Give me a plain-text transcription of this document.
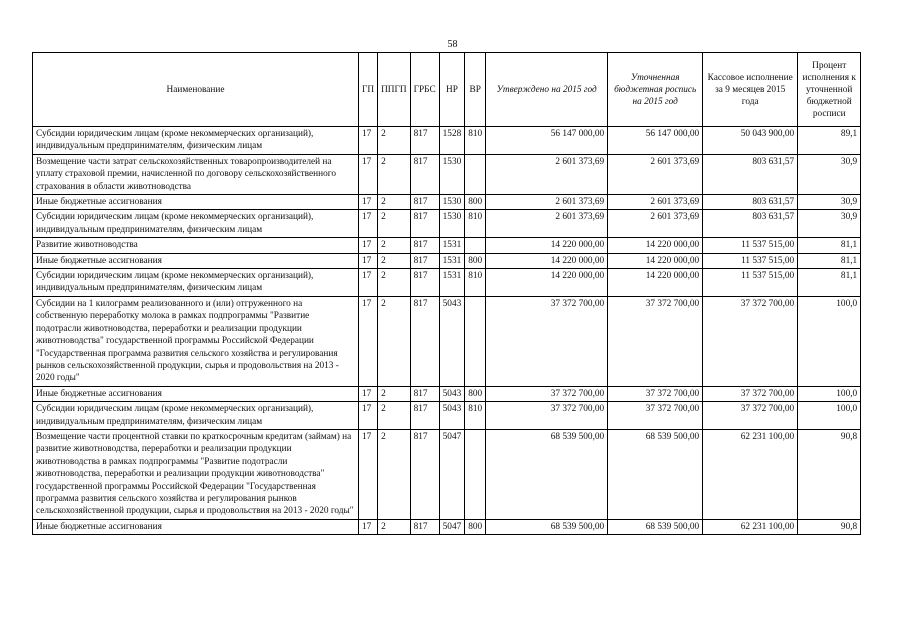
58
Наименование	ГП	ППГП	ГРБС	НР	ВР	Утверждено на 2015 год	Уточненная бюджетная роспись на 2015 год	Кассовое исполнение за 9 месяцев 2015 года	Процент исполнения к уточненной бюджетной росписи
Субсидии юридическим лицам (кроме некоммерческих организаций), индивидуальным предпринимателям, физическим лицам	17	2	817	1528	810	56 147 000,00	56 147 000,00	50 043 900,00	89,1
Возмещение части затрат сельскохозяйственных товаропроизводителей на уплату страховой премии, начисленной по договору сельскохозяйственного страхования в области животноводства	17	2	817	1530		2 601 373,69	2 601 373,69	803 631,57	30,9
Иные бюджетные ассигнования	17	2	817	1530	800	2 601 373,69	2 601 373,69	803 631,57	30,9
Субсидии юридическим лицам (кроме некоммерческих организаций), индивидуальным предпринимателям, физическим лицам	17	2	817	1530	810	2 601 373,69	2 601 373,69	803 631,57	30,9
Развитие животноводства	17	2	817	1531		14 220 000,00	14 220 000,00	11 537 515,00	81,1
Иные бюджетные ассигнования	17	2	817	1531	800	14 220 000,00	14 220 000,00	11 537 515,00	81,1
Субсидии юридическим лицам (кроме некоммерческих организаций), индивидуальным предпринимателям, физическим лицам	17	2	817	1531	810	14 220 000,00	14 220 000,00	11 537 515,00	81,1
Субсидии на 1 килограмм реализованного и (или) отгруженного на собственную переработку молока в рамках подпрограммы "Развитие подотрасли животноводства, переработки и реализации продукции животноводства" государственной программы Российской Федерации "Государственная программа развития сельского хозяйства и регулирования рынков сельскохозяйственной продукции, сырья и продовольствия на 2013 - 2020 годы"	17	2	817	5043		37 372 700,00	37 372 700,00	37 372 700,00	100,0
Иные бюджетные ассигнования	17	2	817	5043	800	37 372 700,00	37 372 700,00	37 372 700,00	100,0
Субсидии юридическим лицам (кроме некоммерческих организаций), индивидуальным предпринимателям, физическим лицам	17	2	817	5043	810	37 372 700,00	37 372 700,00	37 372 700,00	100,0
Возмещение части процентной ставки по краткосрочным кредитам (займам) на развитие животноводства, переработки и реализации продукции животноводства в рамках подпрограммы "Развитие подотрасли животноводства, переработки и реализации продукции животноводства" государственной программы Российской Федерации "Государственная программа развития сельского хозяйства и регулирования рынков сельскохозяйственной продукции, сырья и продовольствия на 2013 - 2020 годы"	17	2	817	5047		68 539 500,00	68 539 500,00	62 231 100,00	90,8
Иные бюджетные ассигнования	17	2	817	5047	800	68 539 500,00	68 539 500,00	62 231 100,00	90,8
